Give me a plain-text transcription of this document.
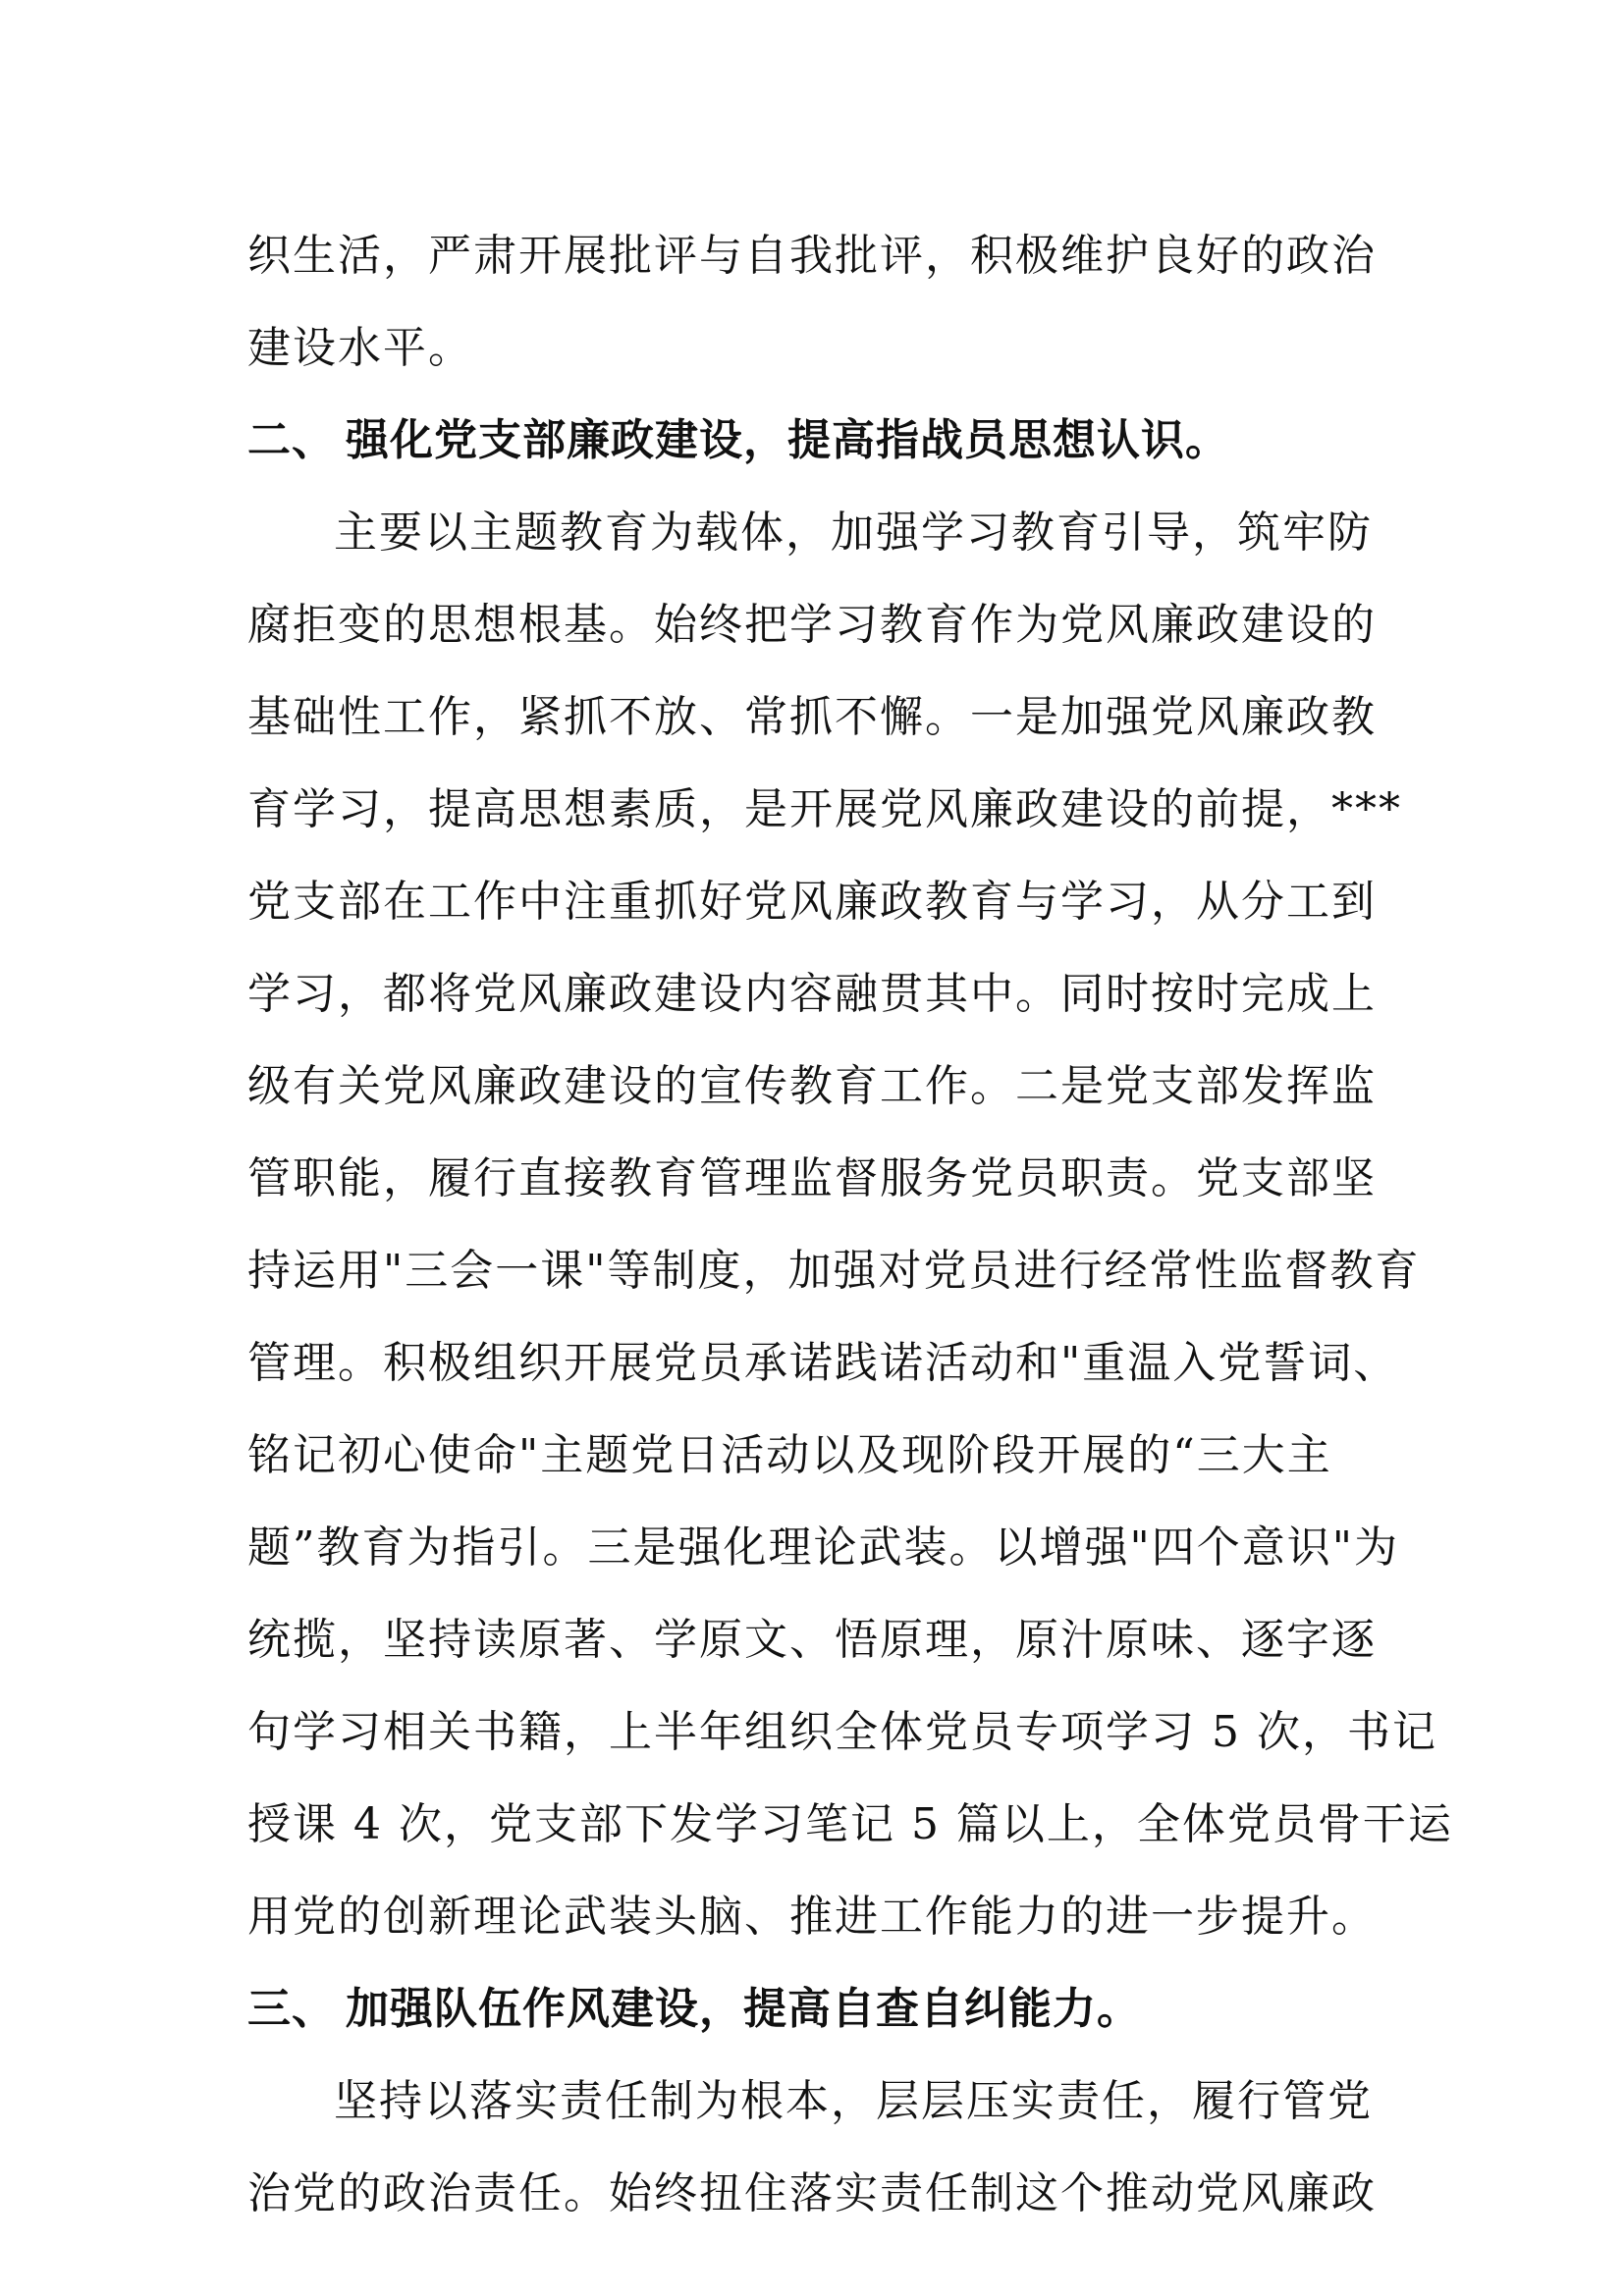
织生活，严肃开展批评与自我批评，积极维护良好的政治
建设水平。
二、 强化党支部廉政建设，提高指战员思想认识。
主要以主题教育为载体，加强学习教育引导，筑牢防
腐拒变的思想根基。始终把学习教育作为党风廉政建设的
基础性工作，紧抓不放、常抓不懈。一是加强党风廉政教
育学习，提高思想素质，是开展党风廉政建设的前提，***
党支部在工作中注重抓好党风廉政教育与学习，从分工到
学习，都将党风廉政建设内容融贯其中。同时按时完成上
级有关党风廉政建设的宣传教育工作。二是党支部发挥监
管职能，履行直接教育管理监督服务党员职责。党支部坚
持运用"三会一课"等制度，加强对党员进行经常性监督教育
管理。积极组织开展党员承诺践诺活动和"重温入党誓词、
铭记初心使命"主题党日活动以及现阶段开展的“三大主
题”教育为指引。三是强化理论武装。以增强"四个意识"为
统揽，坚持读原著、学原文、悟原理，原汁原味、逐字逐
句学习相关书籍，上半年组织全体党员专项学习 5 次，书记
授课 4 次，党支部下发学习笔记 5 篇以上，全体党员骨干运
用党的创新理论武装头脑、推进工作能力的进一步提升。
三、 加强队伍作风建设，提高自查自纠能力。
坚持以落实责任制为根本，层层压实责任，履行管党
治党的政治责任。始终扭住落实责任制这个推动党风廉政
